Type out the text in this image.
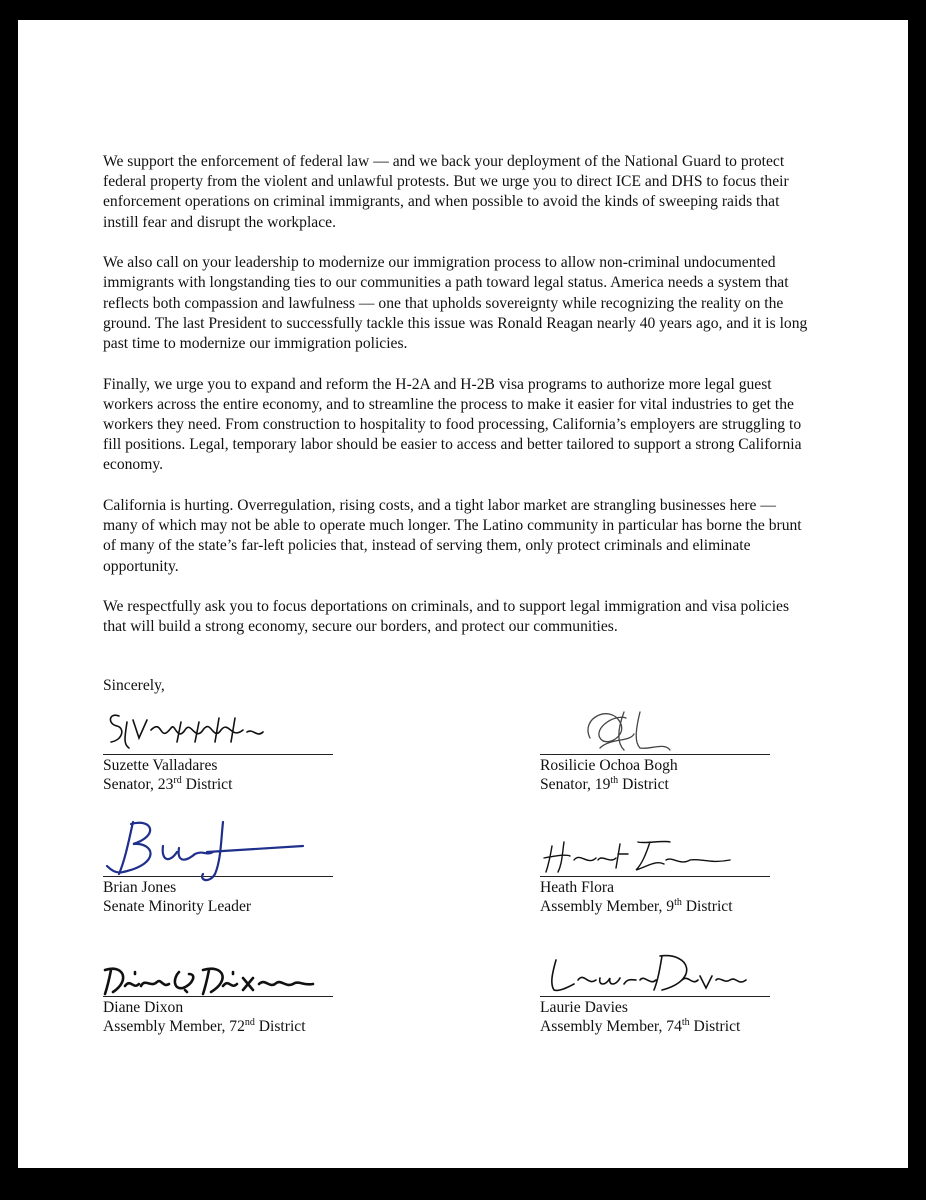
We support the enforcement of federal law — and we back your deployment of the National Guard to protect federal property from the violent and unlawful protests. But we urge you to direct ICE and DHS to focus their enforcement operations on criminal immigrants, and when possible to avoid the kinds of sweeping raids that instill fear and disrupt the workplace.

We also call on your leadership to modernize our immigration process to allow non-criminal undocumented immigrants with longstanding ties to our communities a path toward legal status. America needs a system that reflects both compassion and lawfulness — one that upholds sovereignty while recognizing the reality on the ground. The last President to successfully tackle this issue was Ronald Reagan nearly 40 years ago, and it is long past time to modernize our immigration policies.

Finally, we urge you to expand and reform the H-2A and H-2B visa programs to authorize more legal guest workers across the entire economy, and to streamline the process to make it easier for vital industries to get the workers they need. From construction to hospitality to food processing, California’s employers are struggling to fill positions. Legal, temporary labor should be easier to access and better tailored to support a strong California economy.

California is hurting. Overregulation, rising costs, and a tight labor market are strangling businesses here — many of which may not be able to operate much longer. The Latino community in particular has borne the brunt of many of the state’s far-left policies that, instead of serving them, only protect criminals and eliminate opportunity.

We respectfully ask you to focus deportations on criminals, and to support legal immigration and visa policies that will build a strong economy, secure our borders, and protect our communities.

Sincerely,
Suzette Valladares
Senator, 23rd District
Rosilicie Ochoa Bogh
Senator, 19th District
Brian Jones
Senate Minority Leader
Heath Flora
Assembly Member, 9th District
Diane Dixon
Assembly Member, 72nd District
Laurie Davies
Assembly Member, 74th District
